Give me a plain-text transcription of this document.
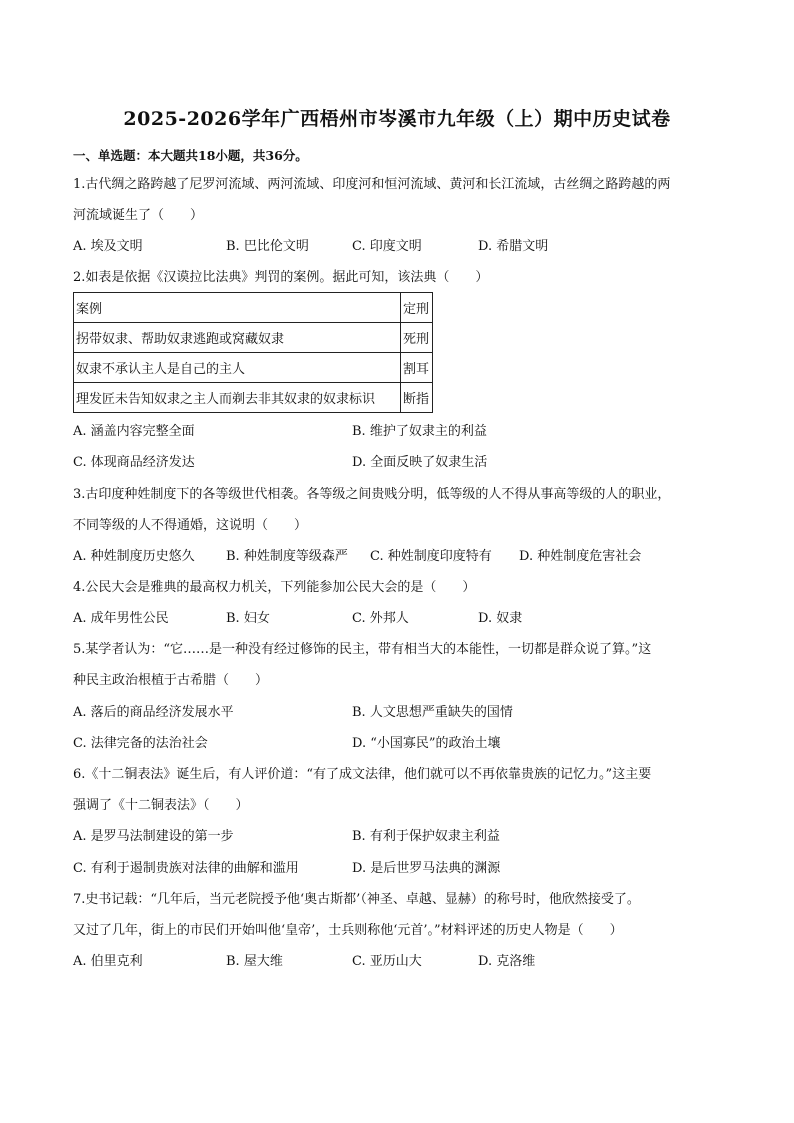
2025-2026学年广西梧州市岑溪市九年级（上）期中历史试卷
一、单选题：本大题共18小题，共36分。
1.古代绸之路跨越了尼罗河流域、两河流域、印度河和恒河流域、黄河和长江流域，古丝绸之路跨越的两
河流域诞生了（　　）
A. 埃及文明	B. 巴比伦文明	C. 印度文明	D. 希腊文明
2.如表是依据《汉谟拉比法典》判罚的案例。据此可知，该法典（　　）
案例	定刑
拐带奴隶、帮助奴隶逃跑或窝藏奴隶	死刑
奴隶不承认主人是自己的主人	割耳
理发匠未告知奴隶之主人而剃去非其奴隶的奴隶标识	断指
A. 涵盖内容完整全面	B. 维护了奴隶主的利益
C. 体现商品经济发达	D. 全面反映了奴隶生活
3.古印度种姓制度下的各等级世代相袭。各等级之间贵贱分明，低等级的人不得从事高等级的人的职业，
不同等级的人不得通婚，这说明（　　）
A. 种姓制度历史悠久 B. 种姓制度等级森严 C. 种姓制度印度特有 D. 种姓制度危害社会
4.公民大会是雅典的最高权力机关，下列能参加公民大会的是（　　）
A. 成年男性公民	B. 妇女	C. 外邦人	D. 奴隶
5.某学者认为：“它……是一种没有经过修饰的民主，带有相当大的本能性，一切都是群众说了算。”这
种民主政治根植于古希腊（　　）
A. 落后的商品经济发展水平	B. 人文思想严重缺失的国情
C. 法律完备的法治社会	D. “小国寡民”的政治土壤
6.《十二铜表法》诞生后，有人评价道：“有了成文法律，他们就可以不再依靠贵族的记忆力。”这主要
强调了《十二铜表法》（　　）
A. 是罗马法制建设的第一步	B. 有利于保护奴隶主利益
C. 有利于遏制贵族对法律的曲解和滥用	D. 是后世罗马法典的渊源
7.史书记载：“几年后，当元老院授予他‘奥古斯都’（神圣、卓越、显赫）的称号时，他欣然接受了。
又过了几年，街上的市民们开始叫他‘皇帝’，士兵则称他‘元首’。”材料评述的历史人物是（　　）
A. 伯里克利	B. 屋大维	C. 亚历山大	D. 克洛维
